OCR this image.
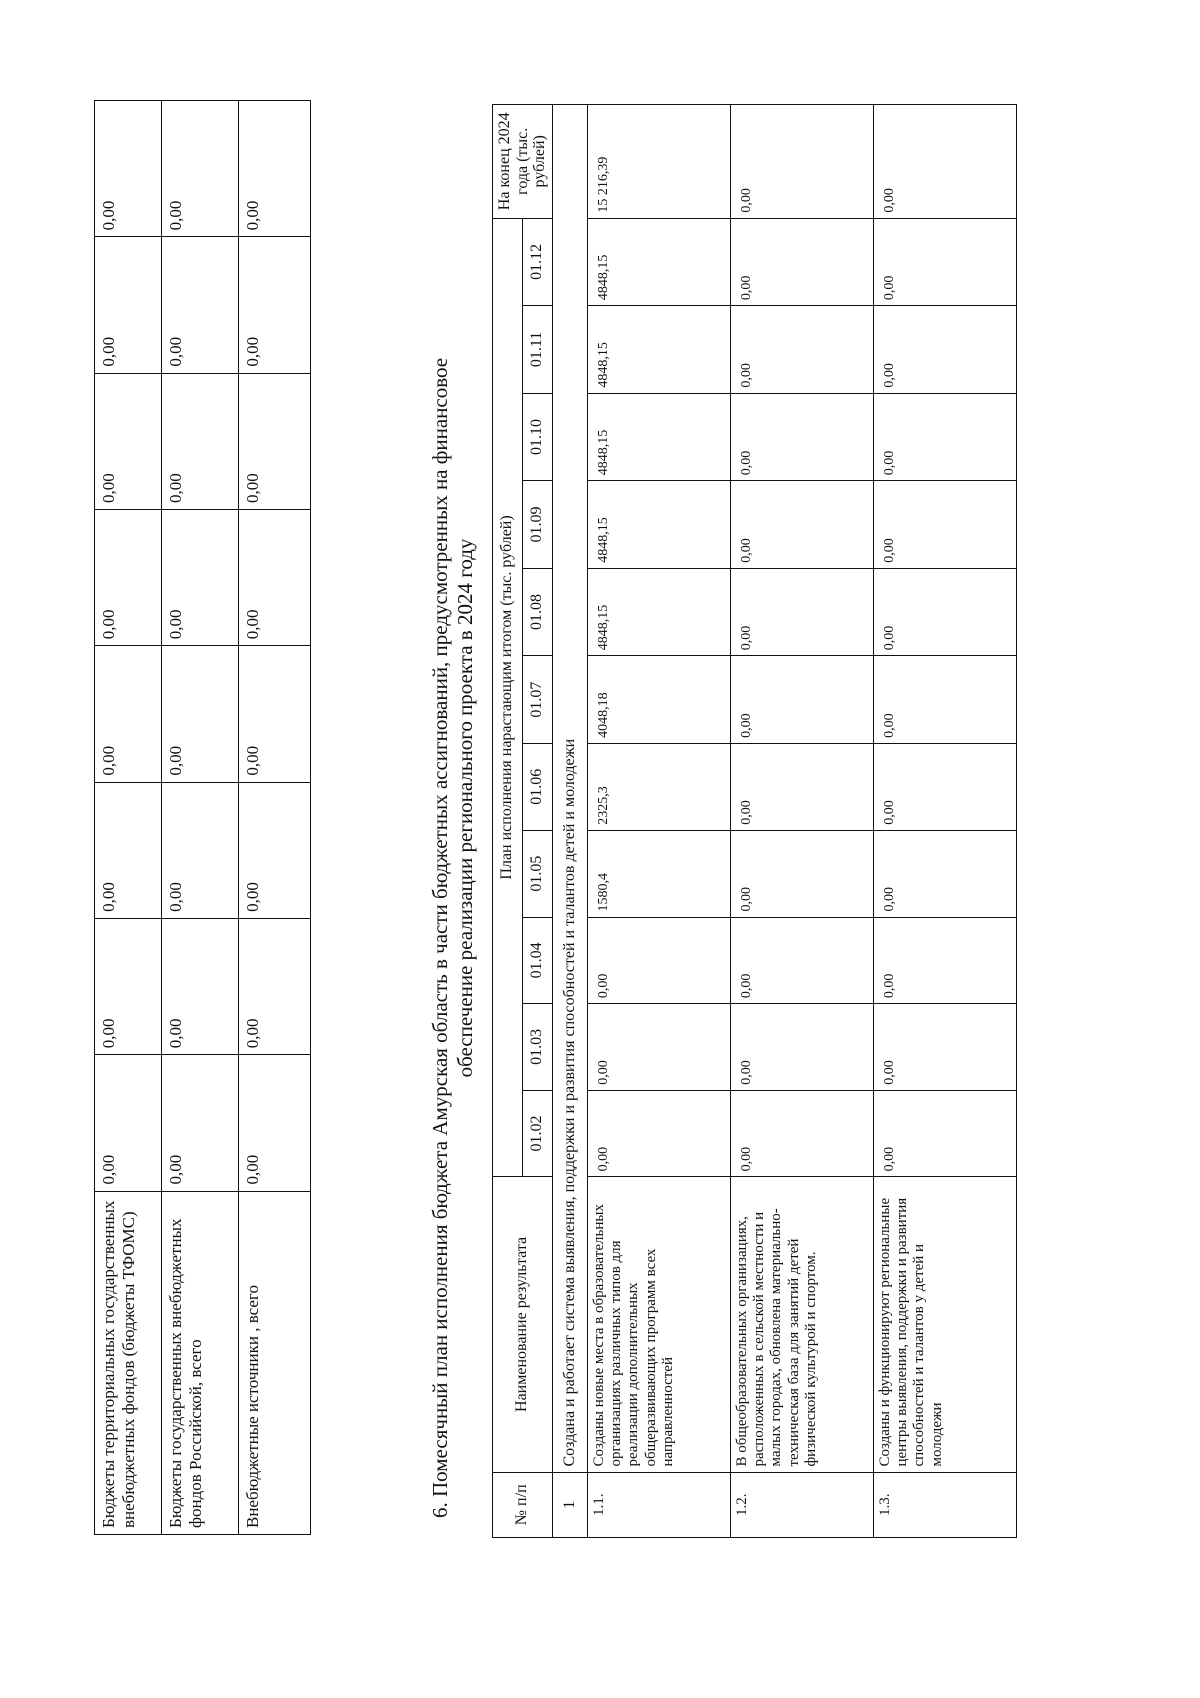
Бюджеты территориальных государственных внебюджетных фондов (бюджеты ТФОМС)	0,00	0,00	0,00	0,00	0,00	0,00	0,00	0,00
Бюджеты государственных внебюджетных фондов Российской, всего	0,00	0,00	0,00	0,00	0,00	0,00	0,00	0,00
Внебюджетные источники , всего	0,00	0,00	0,00	0,00	0,00	0,00	0,00	0,00
6. Помесячный план исполнения бюджета Амурская область в части бюджетных ассигнований, предусмотренных на финансовое обеспечение реализации регионального проекта в 2024 году
№ п/п	Наименование результата	План исполнения нарастающим итогом (тыс. рублей)											На конец 2024 года (тыс. рублей)
		01.02	01.03	01.04	01.05	01.06	01.07	01.08	01.09	01.10	01.11	01.12	
1	Создана и работает система выявления, поддержки и развития способностей и талантов детей и молодежи												
1.1.	Созданы новые места в образовательных организациях различных типов для реализации дополнительных общеразвивающих программ всех направленностей	0,00	0,00	0,00	1580,4	2325,3	4048,18	4848,15	4848,15	4848,15	4848,15	4848,15	15 216,39
1.2.	В общеобразовательных организациях, расположенных в сельской местности и малых городах, обновлена материально-техническая база для занятий детей физической культурой и спортом.	0,00	0,00	0,00	0,00	0,00	0,00	0,00	0,00	0,00	0,00	0,00	0,00
1.3.	Созданы и функционируют региональные центры выявления, поддержки и развития способностей и талантов у детей и молодежи	0,00	0,00	0,00	0,00	0,00	0,00	0,00	0,00	0,00	0,00	0,00	0,00
